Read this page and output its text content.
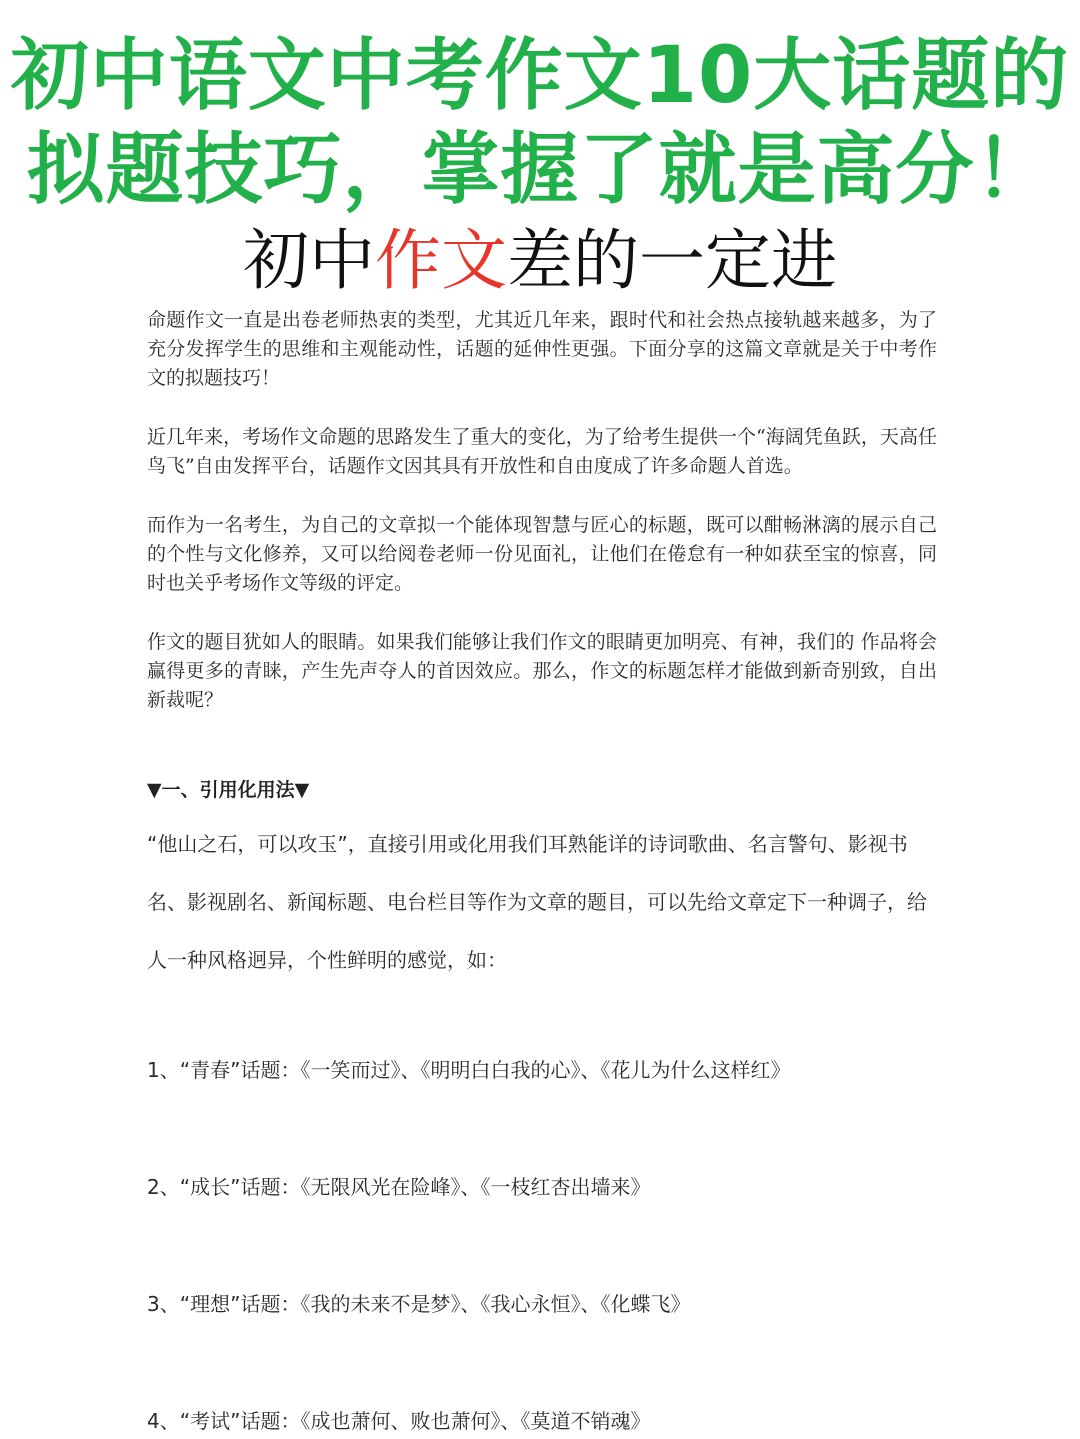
初中语文中考作文10大话题的
拟题技巧，掌握了就是高分！
初中作文差的一定进

命题作文一直是出卷老师热衷的类型，尤其近几年来，跟时代和社会热点接轨越来越多，为了充分发挥学生的思维和主观能动性，话题的延伸性更强。下面分享的这篇文章就是关于中考作文的拟题技巧！

近几年来，考场作文命题的思路发生了重大的变化，为了给考生提供一个“海阔凭鱼跃，天高任鸟飞”自由发挥平台，话题作文因其具有开放性和自由度成了许多命题人首选。

而作为一名考生，为自己的文章拟一个能体现智慧与匠心的标题，既可以酣畅淋漓的展示自己的个性与文化修养，又可以给阅卷老师一份见面礼，让他们在倦怠有一种如获至宝的惊喜，同时也关乎考场作文等级的评定。

作文的题目犹如人的眼睛。如果我们能够让我们作文的眼睛更加明亮、有神，我们的 作品将会赢得更多的青睐，产生先声夺人的首因效应。那么，作文的标题怎样才能做到新奇别致，自出新裁呢？

▼一、引用化用法▼
“他山之石，可以攻玉”，直接引用或化用我们耳熟能详的诗词歌曲、名言警句、影视书名、影视剧名、新闻标题、电台栏目等作为文章的题目，可以先给文章定下一种调子，给人一种风格迥异，个性鲜明的感觉，如：
1、“青春”话题：《一笑而过》、《明明白白我的心》、《花儿为什么这样红》
2、“成长”话题：《无限风光在险峰》、《一枝红杏出墙来》
3、“理想”话题：《我的未来不是梦》、《我心永恒》、《化蝶飞》
4、“考试”话题：《成也萧何、败也萧何》、《莫道不销魂》
